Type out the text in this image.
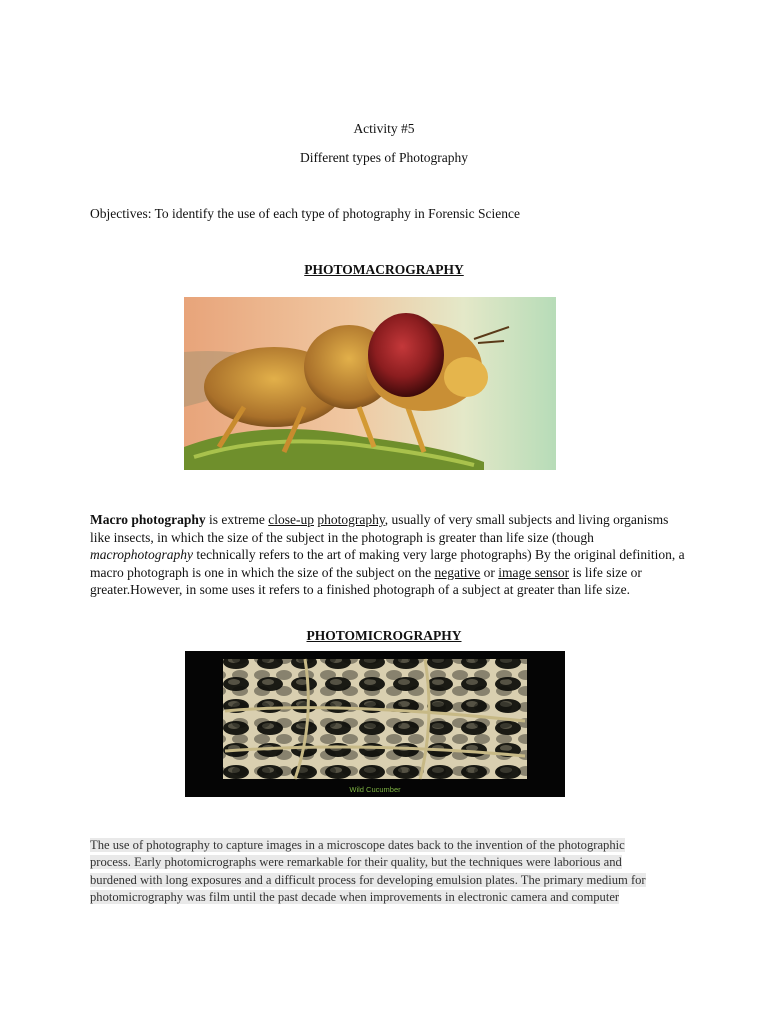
Activity #5
Different types of Photography
Objectives: To identify the use of each type of photography in Forensic Science
PHOTOMACROGRAPHY
Macro photography is extreme close-up photography, usually of very small subjects and living organisms like insects, in which the size of the subject in the photograph is greater than life size (though macrophotography technically refers to the art of making very large photographs) By the original definition, a macro photograph is one in which the size of the subject on the negative or image sensor is life size or greater.However, in some uses it refers to a finished photograph of a subject at greater than life size.
PHOTOMICROGRAPHY
Wild Cucumber
The use of photography to capture images in a microscope dates back to the invention of the photographic
process. Early photomicrographs were remarkable for their quality, but the techniques were laborious and
burdened with long exposures and a difficult process for developing emulsion plates. The primary medium for
photomicrography was film until the past decade when improvements in electronic camera and computer
